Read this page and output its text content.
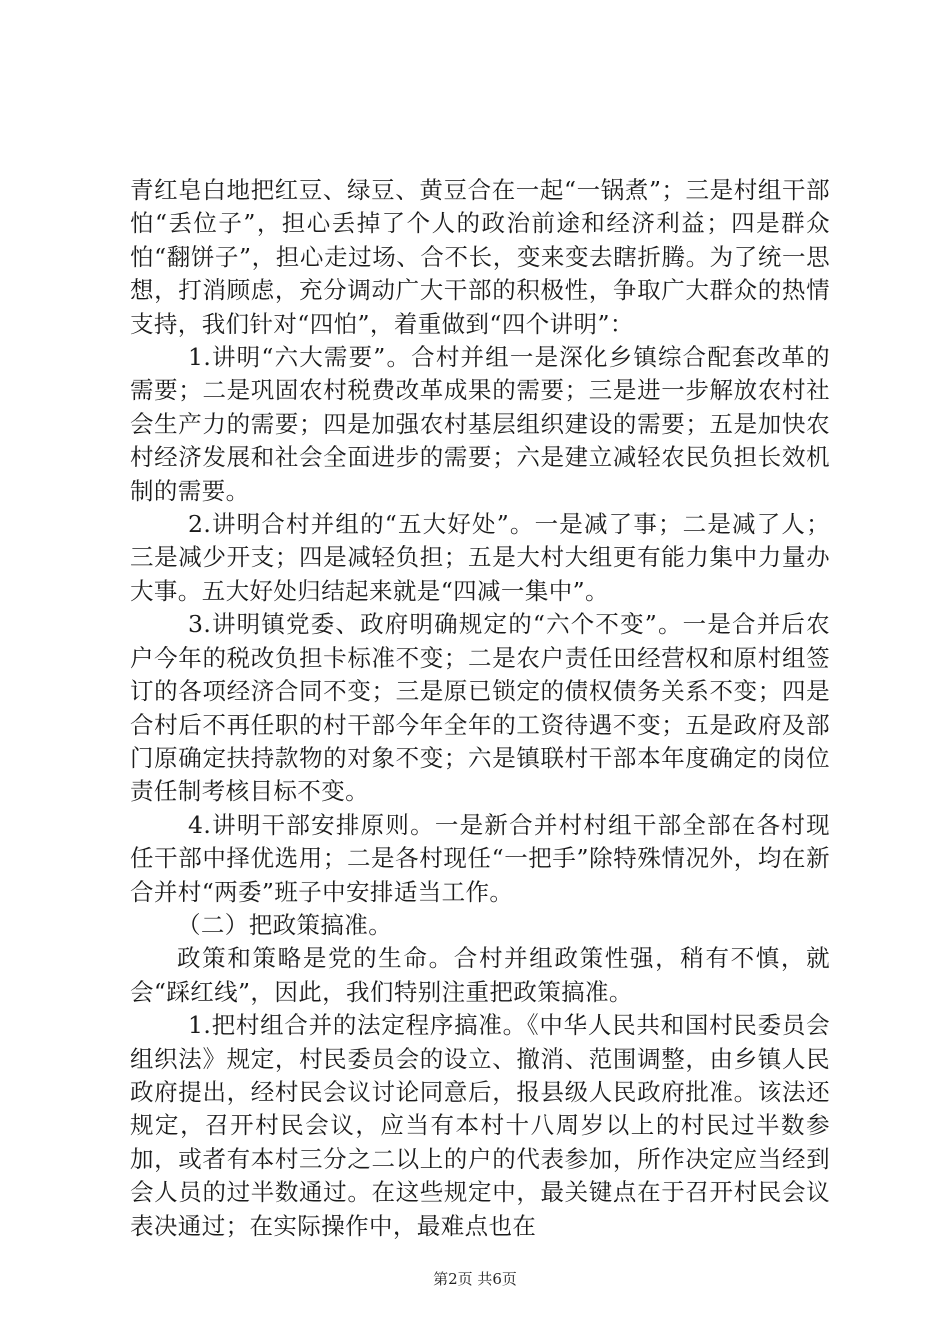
青红皂白地把红豆、绿豆、黄豆合在一起“一锅煮”；三是村组干部怕“丢位子”，担心丢掉了个人的政治前途和经济利益；四是群众怕“翻饼子”，担心走过场、合不长，变来变去瞎折腾。为了统一思想，打消顾虑，充分调动广大干部的积极性，争取广大群众的热情支持，我们针对“四怕”，着重做到“四个讲明”：

1.讲明“六大需要”。合村并组一是深化乡镇综合配套改革的需要；二是巩固农村税费改革成果的需要；三是进一步解放农村社会生产力的需要；四是加强农村基层组织建设的需要；五是加快农村经济发展和社会全面进步的需要；六是建立减轻农民负担长效机制的需要。

2.讲明合村并组的“五大好处”。一是减了事；二是减了人；三是减少开支；四是减轻负担；五是大村大组更有能力集中力量办大事。五大好处归结起来就是“四减一集中”。

3.讲明镇党委、政府明确规定的“六个不变”。一是合并后农户今年的税改负担卡标准不变；二是农户责任田经营权和原村组签订的各项经济合同不变；三是原已锁定的债权债务关系不变；四是合村后不再任职的村干部今年全年的工资待遇不变；五是政府及部门原确定扶持款物的对象不变；六是镇联村干部本年度确定的岗位责任制考核目标不变。

4.讲明干部安排原则。一是新合并村村组干部全部在各村现任干部中择优选用；二是各村现任“一把手”除特殊情况外，均在新合并村“两委”班子中安排适当工作。

（二）把政策搞准。

政策和策略是党的生命。合村并组政策性强，稍有不慎，就会“踩红线”，因此，我们特别注重把政策搞准。

1.把村组合并的法定程序搞准。《中华人民共和国村民委员会组织法》规定，村民委员会的设立、撤消、范围调整，由乡镇人民政府提出，经村民会议讨论同意后，报县级人民政府批准。该法还规定，召开村民会议，应当有本村十八周岁以上的村民过半数参加，或者有本村三分之二以上的户的代表参加，所作决定应当经到会人员的过半数通过。在这些规定中，最关键点在于召开村民会议表决通过；在实际操作中，最难点也在

第2页 共6页
